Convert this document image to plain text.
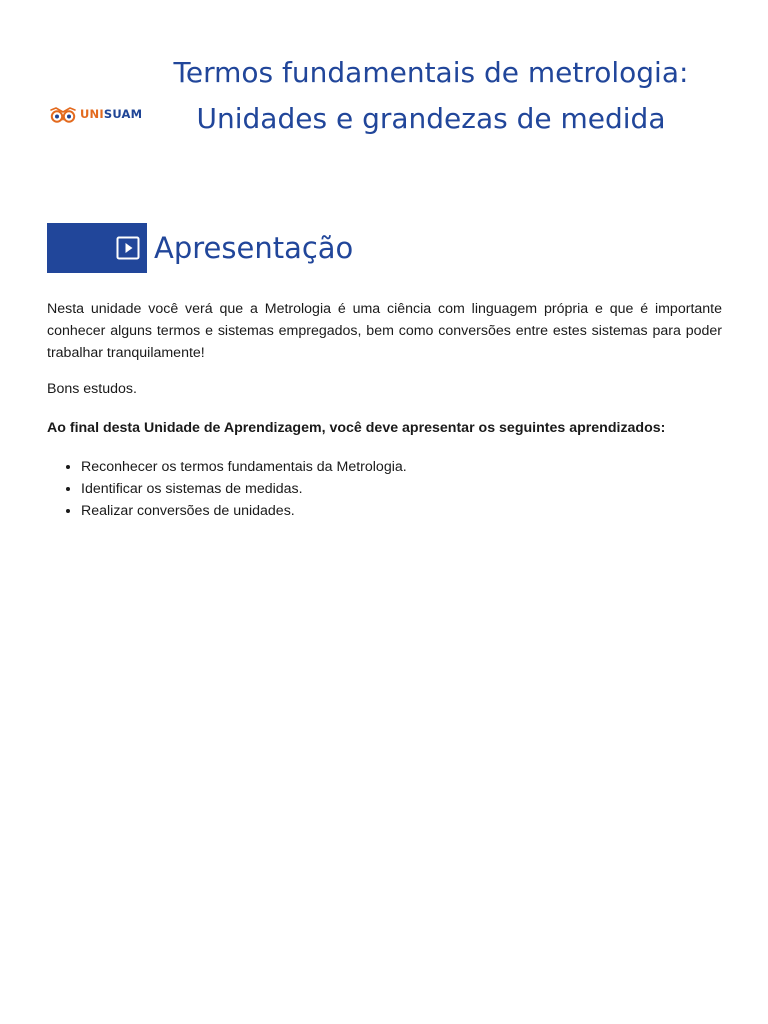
UNISUAM
Termos fundamentais de metrologia: Unidades e grandezas de medida
Apresentação

Nesta unidade você verá que a Metrologia é uma ciência com linguagem própria e que é importante conhecer alguns termos e sistemas empregados, bem como conversões entre estes sistemas para poder trabalhar tranquilamente!

Bons estudos.

Ao final desta Unidade de Aprendizagem, você deve apresentar os seguintes aprendizados:

• Reconhecer os termos fundamentais da Metrologia.
• Identificar os sistemas de medidas.
• Realizar conversões de unidades.
